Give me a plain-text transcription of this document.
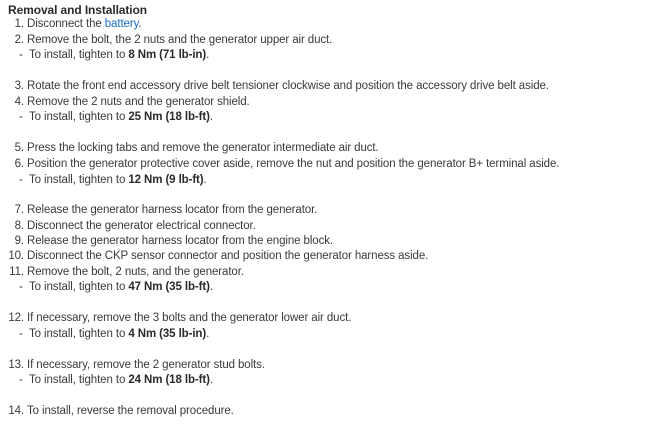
Removal and Installation
1. Disconnect the battery.
2. Remove the bolt, the 2 nuts and the generator upper air duct.
- To install, tighten to 8 Nm (71 lb-in).
3. Rotate the front end accessory drive belt tensioner clockwise and position the accessory drive belt aside.
4. Remove the 2 nuts and the generator shield.
- To install, tighten to 25 Nm (18 lb-ft).
5. Press the locking tabs and remove the generator intermediate air duct.
6. Position the generator protective cover aside, remove the nut and position the generator B+ terminal aside.
- To install, tighten to 12 Nm (9 lb-ft).
7. Release the generator harness locator from the generator.
8. Disconnect the generator electrical connector.
9. Release the generator harness locator from the engine block.
10. Disconnect the CKP sensor connector and position the generator harness aside.
11. Remove the bolt, 2 nuts, and the generator.
- To install, tighten to 47 Nm (35 lb-ft).
12. If necessary, remove the 3 bolts and the generator lower air duct.
- To install, tighten to 4 Nm (35 lb-in).
13. If necessary, remove the 2 generator stud bolts.
- To install, tighten to 24 Nm (18 lb-ft).
14. To install, reverse the removal procedure.
